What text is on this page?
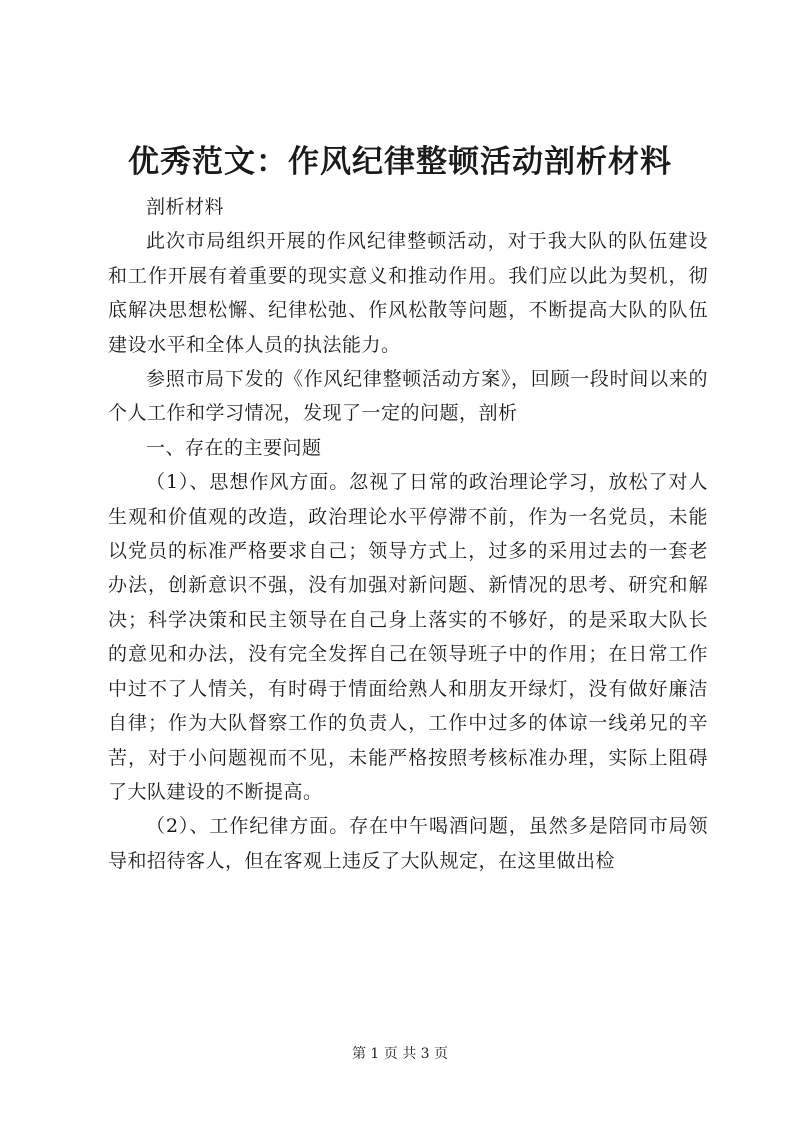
优秀范文：作风纪律整顿活动剖析材料

剖析材料

此次市局组织开展的作风纪律整顿活动，对于我大队的队伍建设和工作开展有着重要的现实意义和推动作用。我们应以此为契机，彻底解决思想松懈、纪律松弛、作风松散等问题，不断提高大队的队伍建设水平和全体人员的执法能力。

参照市局下发的《作风纪律整顿活动方案》，回顾一段时间以来的个人工作和学习情况，发现了一定的问题，剖析

一、存在的主要问题

（1）、思想作风方面。忽视了日常的政治理论学习，放松了对人生观和价值观的改造，政治理论水平停滞不前，作为一名党员，未能以党员的标准严格要求自己；领导方式上，过多的采用过去的一套老办法，创新意识不强，没有加强对新问题、新情况的思考、研究和解决；科学决策和民主领导在自己身上落实的不够好，的是采取大队长的意见和办法，没有完全发挥自己在领导班子中的作用；在日常工作中过不了人情关，有时碍于情面给熟人和朋友开绿灯，没有做好廉洁自律；作为大队督察工作的负责人，工作中过多的体谅一线弟兄的辛苦，对于小问题视而不见，未能严格按照考核标准办理，实际上阻碍了大队建设的不断提高。

（2）、工作纪律方面。存在中午喝酒问题，虽然多是陪同市局领导和招待客人，但在客观上违反了大队规定，在这里做出检

第 1 页 共 3 页
